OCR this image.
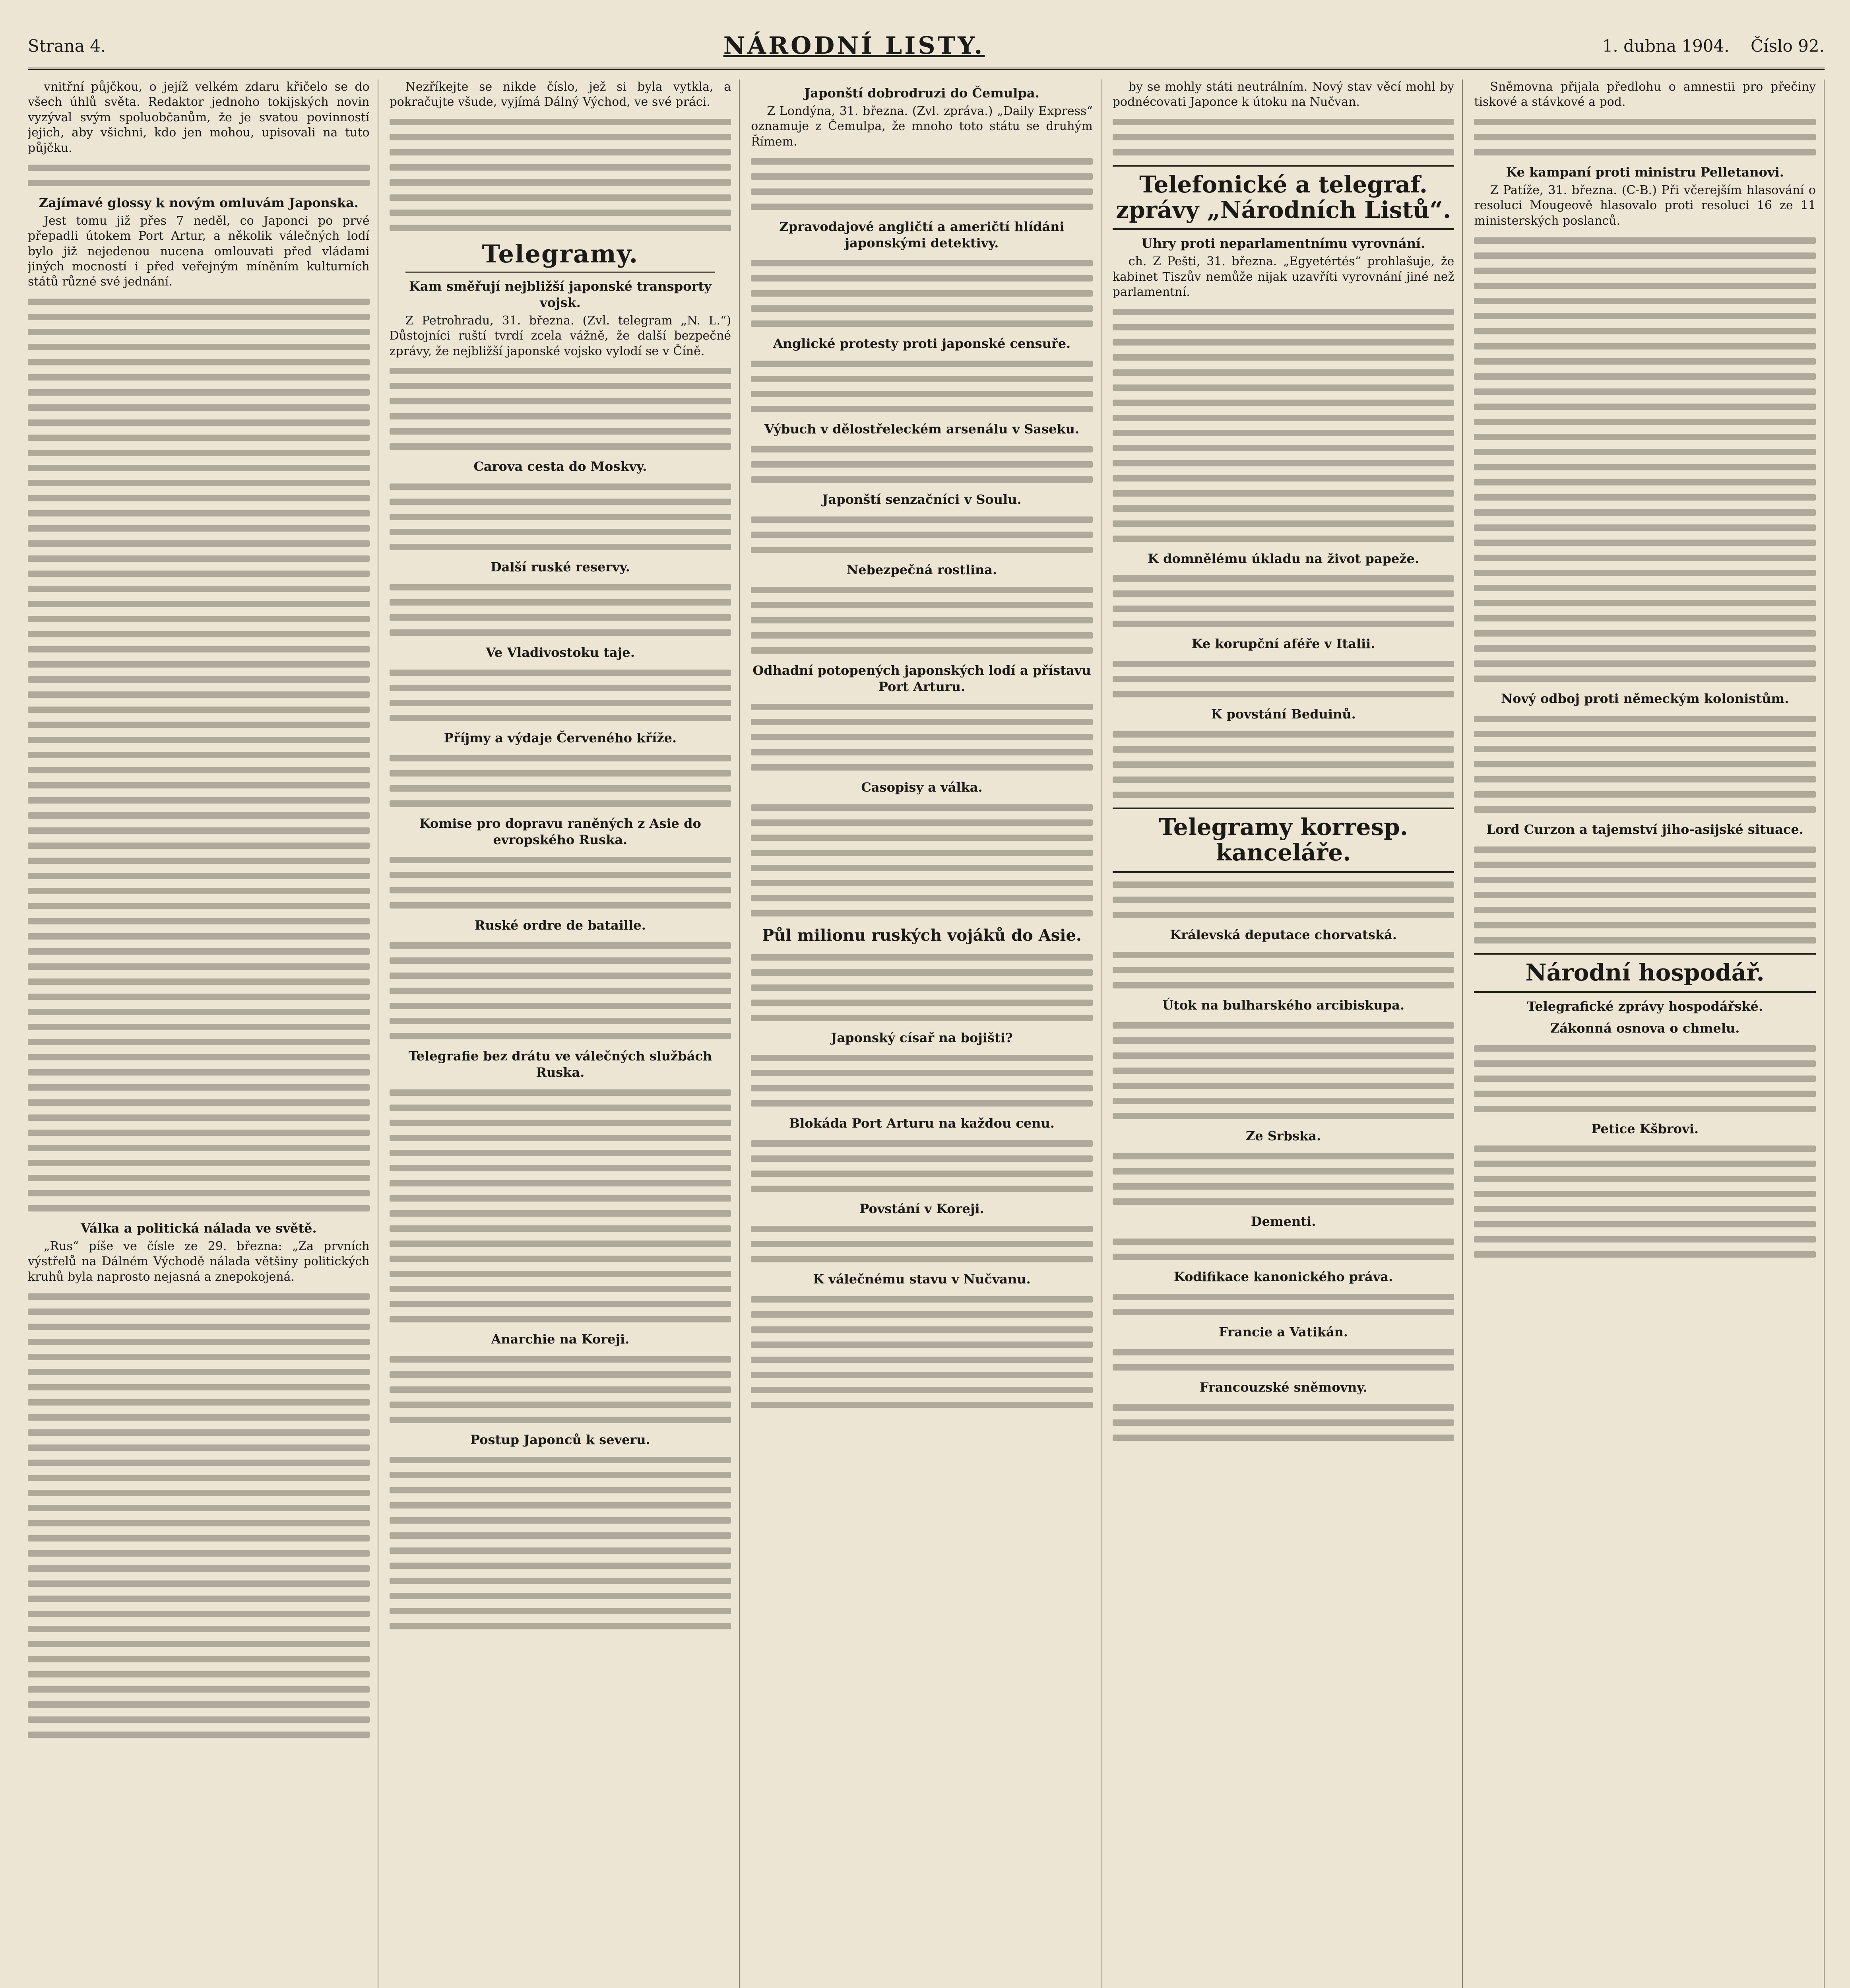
Strana 4.	NÁRODNÍ LISTY.	1. dubna 1904. Číslo 92.

vnitřní půjčkou, o jejíž velkém zdaru křičelo se do všech úhlů světa. Redaktor jednoho tokijských novin vyzýval svým spoluobčanům, že je svatou povinností jejich, aby všichni, kdo jen mohou, upisovali na tuto půjčku.

Zajímavé glossy k novým omluvám Japonska.

Jest tomu již přes 7 neděl, co Japonci po prvé přepadli útokem Port Artur, a několik válečných lodí bylo již nejedenou nucena omlouvati před vládami jiných mocností i před veřejným míněním kulturních států různé své jednání.

Válka a politická nálada ve světě.

„Rus“ píše ve čísle ze 29. března: „Za prvních výstřelů na Dálném Východě nálada většiny politických kruhů byla naprosto nejasná a znepokojená.

Nezříkejte se nikde číslo, jež si byla vytkla, a pokračujte všude, vyjímá Dálný Východ, ve své práci.

Telegramy.
Kam směřují nejbližší japonské transporty vojsk.

Z Petrohradu, 31. března. (Zvl. telegram „N. L.“) Důstojníci ruští tvrdí zcela vážně, že další bezpečné zprávy, že nejbližší japonské vojsko vylodí se v Číně.

Carova cesta do Moskvy.
Další ruské reservy.
Ve Vladivostoku taje.
Příjmy a výdaje Červeného kříže.
Komise pro dopravu raněných z Asie do evropského Ruska.
Ruské ordre de bataille.
Telegrafie bez drátu ve válečných službách Ruska.
Anarchie na Koreji.
Postup Japonců k severu.
Japonští dobrodruzi do Čemulpa.

Z Londýna, 31. března. (Zvl. zpráva.) „Daily Express“ oznamuje z Čemulpa, že mnoho toto státu se druhým Římem.

Zpravodajové angličtí a američtí hlídáni japonskými detektivy.
Anglické protesty proti japonské censuře.
Výbuch v dělostřeleckém arsenálu v Saseku.
Japonští senzačníci v Soulu.
Nebezpečná rostlina.
Odhadní potopených japonských lodí a přístavu Port Arturu.
Casopisy a válka.
Půl milionu ruských vojáků do Asie.
Japonský císař na bojišti?
Blokáda Port Arturu na každou cenu.
Povstání v Koreji.
K válečnému stavu v Nučvanu.

by se mohly státi neutrálním. Nový stav věcí mohl by podnécovati Japonce k útoku na Nučvan.

Telefonické a telegraf. zprávy „Národních Listů“.
Uhry proti neparlamentnímu vyrovnání.

ch. Z Pešti, 31. března. „Egyetértés“ prohlašuje, že kabinet Tiszův nemůže nijak uzavříti vyrovnání jiné než parlamentní.

K domnělému úkladu na život papeže.
Ke korupční aféře v Italii.
K povstání Beduinů.
Telegramy korresp. kanceláře.
Králevská deputace chorvatská.
Útok na bulharského arcibiskupa.
Ze Srbska.
Dementi.
Kodifikace kanonického práva.
Francie a Vatikán.
Francouzské sněmovny.

Sněmovna přijala předlohu o amnestii pro přečiny tiskové a stávkové a pod.

Ke kampaní proti ministru Pelletanovi.

Z Patíže, 31. března. (C-B.) Při včerejším hlasování o resoluci Mougeově hlasovalo proti resoluci 16 ze 11 ministerských poslanců.

Nový odboj proti německým kolonistům.
Lord Curzon a tajemství jiho-asijské situace.
Národní hospodář.
Telegrafické zprávy hospodářské.
Zákonná osnova o chmelu.
Petice Kšbrovi.
